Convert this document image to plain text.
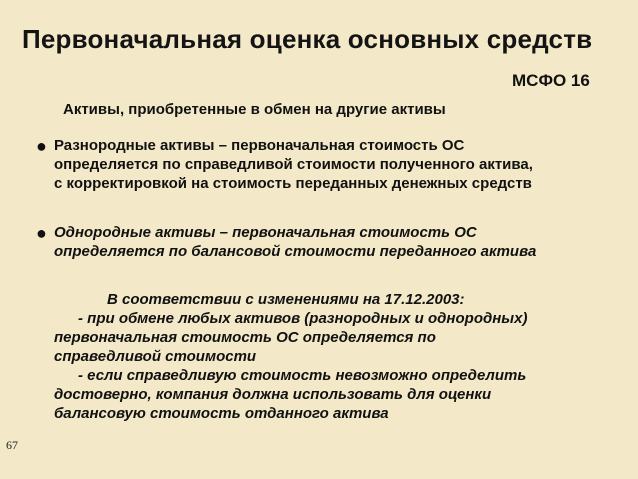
Первоначальная оценка основных средств
МСФО 16
Активы, приобретенные в обмен на другие активы
● Разнородные активы – первоначальная стоимость ОС
определяется по справедливой стоимости полученного актива,
с корректировкой на стоимость переданных денежных средств
● Однородные активы – первоначальная стоимость ОС
определяется по балансовой стоимости переданного актива
В соответствии с изменениями на 17.12.2003:
- при обмене любых активов (разнородных и однородных)
первоначальная стоимость ОС определяется по
справедливой стоимости
- если справедливую стоимость невозможно определить
достоверно, компания должна использовать для оценки
балансовую стоимость отданного актива
67
